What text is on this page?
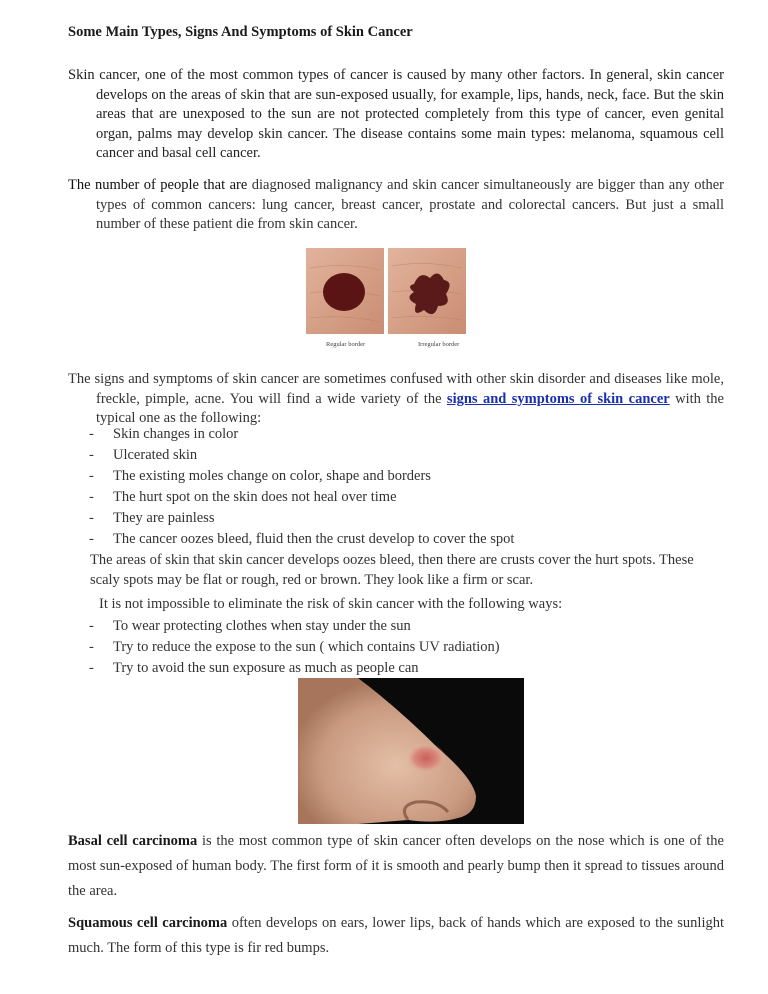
Some Main Types, Signs And Symptoms of Skin Cancer
Skin cancer, one of the most common types of cancer is caused by many other factors. In general, skin cancer develops on the areas of skin that are sun-exposed usually, for example, lips, hands, neck, face. But the skin areas that are unexposed to the sun are not protected completely from this type of cancer, even genital organ, palms may develop skin cancer. The disease contains some main types: melanoma, squamous cell cancer and basal cell cancer.
The number of people that are diagnosed malignancy and skin cancer simultaneously are bigger than any other types of common cancers: lung cancer, breast cancer, prostate and colorectal cancers. But just a small number of these patient die from skin cancer.
Regular border	Irregular border
The signs and symptoms of skin cancer are sometimes confused with other skin disorder and diseases like mole, freckle, pimple, acne. You will find a wide variety of the signs and symptoms of skin cancer with the typical one as the following:
- Skin changes in color
- Ulcerated skin
- The existing moles change on color, shape and borders
- The hurt spot on the skin does not heal over time
- They are painless
- The cancer oozes bleed, fluid then the crust develop to cover the spot
The areas of skin that skin cancer develops oozes bleed, then there are crusts cover the hurt spots. These scaly spots may be flat or rough, red or brown. They look like a firm or scar.
It is not impossible to eliminate the risk of skin cancer with the following ways:
- To wear protecting clothes when stay under the sun
- Try to reduce the expose to the sun ( which contains UV radiation)
- Try to avoid the sun exposure as much as people can
Basal cell carcinoma is the most common type of skin cancer often develops on the nose which is one of the most sun-exposed of human body. The first form of it is smooth and pearly bump then it spread to tissues around the area.
Squamous cell carcinoma often develops on ears, lower lips, back of hands which are exposed to the sunlight much. The form of this type is fir red bumps.
